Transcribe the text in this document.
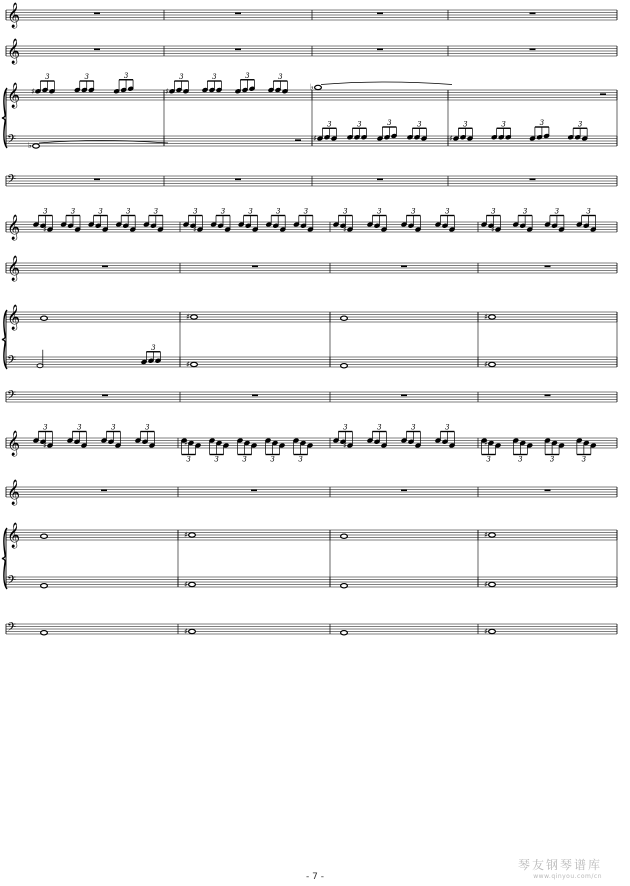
𝄞
𝄞
𝄞 ♯
3	3	3
♯
3	3	3	3
♭
𝄢 ♭
♯
3	3	3	3
♯
3	3	3	3
𝄢
𝄞	♯
3	3	3	3	3
♯
3	3	3	3	3
♯
3	3	3	3
♯
3	3	3	3
𝄞
𝄞	♯	♯
𝄢
3
♯	♯
𝄢
𝄞	♯
3	3	3	3
♯
3	3	3	3	3
♯
3	3	3	3
♯
3	3	3	3
𝄞
𝄞	♯	♯
𝄢	♯	♯
𝄢	♯	♯
- 7 -
琴友钢琴谱库
www.qinyou.com/cn
